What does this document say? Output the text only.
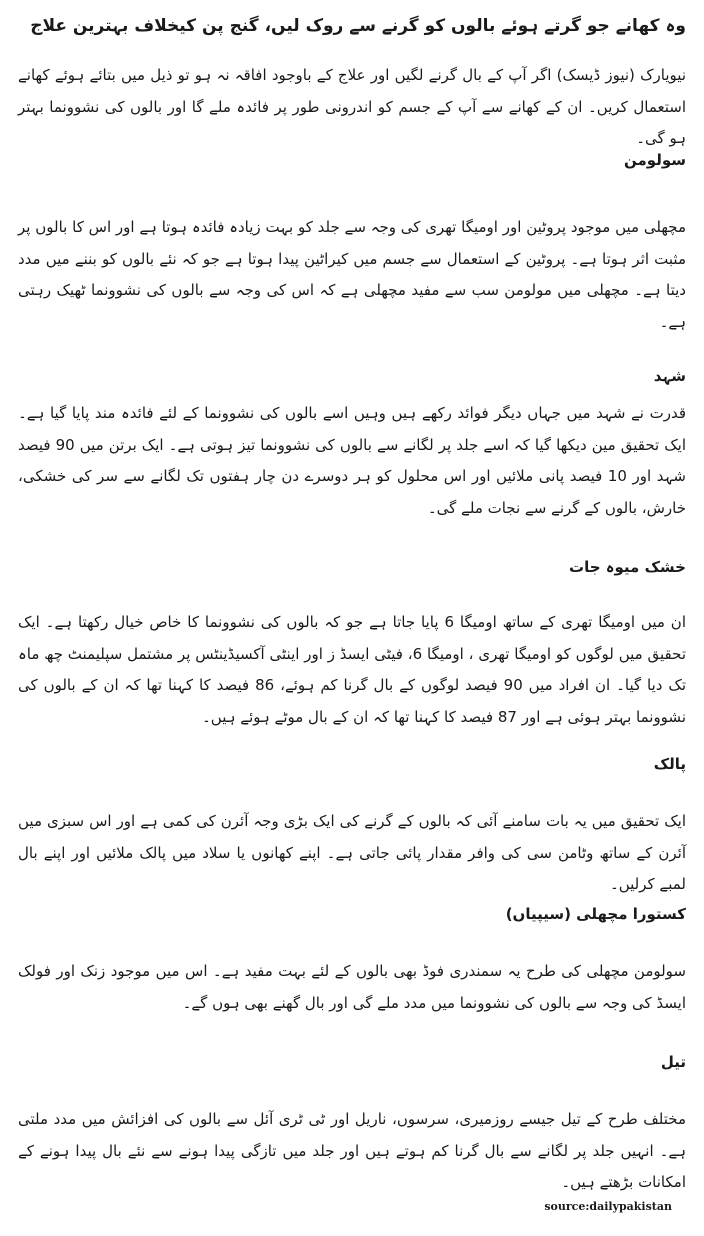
وہ کھانے جو گرتے ہوئے بالوں کو گرنے سے روک لیں، گنج پن کیخلاف بہترین علاج
نیویارک (نیوز ڈیسک) اگر آپ کے بال گرنے لگیں اور علاج کے باوجود افاقہ نہ ہو تو ذیل میں بتائے ہوئے کھانے استعمال کریں۔ ان کے کھانے سے آپ کے جسم کو اندرونی طور پر فائدہ ملے گا اور بالوں کی نشوونما بہتر ہو گی۔
سولومن
مچھلی میں موجود پروٹین اور اومیگا تھری کی وجہ سے جلد کو بہت زیادہ فائدہ ہوتا ہے اور اس کا بالوں پر مثبت اثر ہوتا ہے۔ پروٹین کے استعمال سے جسم میں کیراٹین پیدا ہوتا ہے جو کہ نئے بالوں کو بننے میں مدد دیتا ہے۔ مچھلی میں مولومن سب سے مفید مچھلی ہے کہ اس کی وجہ سے بالوں کی نشوونما ٹھیک رہتی ہے۔
شہد
قدرت نے شہد میں جہاں دیگر فوائد رکھے ہیں وہیں اسے بالوں کی نشوونما کے لئے فائدہ مند پایا گیا ہے۔ ایک تحقیق مین دیکھا گیا کہ اسے جلد پر لگانے سے بالوں کی نشوونما تیز ہوتی ہے۔ ایک برتن میں 90 فیصد شہد اور 10 فیصد پانی ملائیں اور اس محلول کو ہر دوسرے دن چار ہفتوں تک لگانے سے سر کی خشکی، خارش، بالوں کے گرنے سے نجات ملے گی۔
خشک میوہ جات
ان میں اومیگا تھری کے ساتھ اومیگا 6 پایا جاتا ہے جو کہ بالوں کی نشوونما کا خاص خیال رکھتا ہے۔ ایک تحقیق میں لوگوں کو اومیگا تھری ، اومیگا 6، فیٹی ایسڈ ز اور اینٹی آکسیڈینٹس پر مشتمل سپلیمنٹ چھ ماہ تک دیا گیا۔ ان افراد میں 90 فیصد لوگوں کے بال گرنا کم ہوئے، 86 فیصد کا کہنا تھا کہ ان کے بالوں کی نشوونما بہتر ہوئی ہے اور 87 فیصد کا کہنا تھا کہ ان کے بال موٹے ہوئے ہیں۔
پالک
ایک تحقیق میں یہ بات سامنے آئی کہ بالوں کے گرنے کی ایک بڑی وجہ آئرن کی کمی ہے اور اس سبزی میں آئرن کے ساتھ وٹامن سی کی وافر مقدار پائی جاتی ہے۔ اپنے کھانوں یا سلاد میں پالک ملائیں اور اپنے بال لمبے کرلیں۔
کستورا مچھلی (سیپیاں)
سولومن مچھلی کی طرح یہ سمندری فوڈ بھی بالوں کے لئے بہت مفید ہے۔ اس میں موجود زنک اور فولک ایسڈ کی وجہ سے بالوں کی نشوونما میں مدد ملے گی اور بال گھنے بھی ہوں گے۔
تیل
مختلف طرح کے تیل جیسے روزمیری، سرسوں، ناریل اور ٹی ٹری آئل سے بالوں کی افزائش میں مدد ملتی ہے۔ انہیں جلد پر لگانے سے بال گرنا کم ہوتے ہیں اور جلد میں تازگی پیدا ہونے سے نئے بال پیدا ہونے کے امکانات بڑھتے ہیں۔
source:dailypakistan
